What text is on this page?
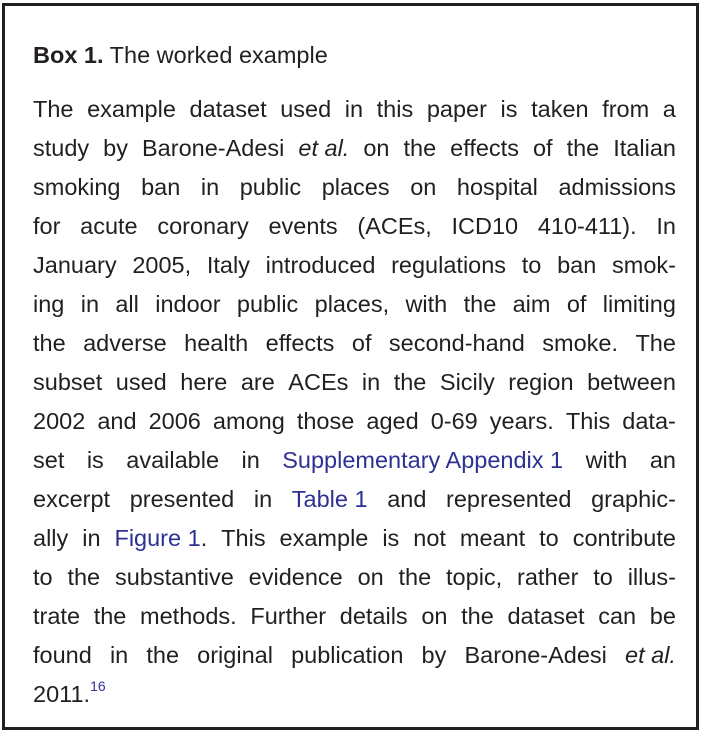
Box 1. The worked example
The example dataset used in this paper is taken from a
study by Barone-Adesi et al. on the effects of the Italian
smoking ban in public places on hospital admissions
for acute coronary events (ACEs, ICD10 410-411). In
January 2005, Italy introduced regulations to ban smok-
ing in all indoor public places, with the aim of limiting
the adverse health effects of second-hand smoke. The
subset used here are ACEs in the Sicily region between
2002 and 2006 among those aged 0-69 years. This data-
set is available in Supplementary Appendix 1 with an
excerpt presented in Table 1 and represented graphic-
ally in Figure 1. This example is not meant to contribute
to the substantive evidence on the topic, rather to illus-
trate the methods. Further details on the dataset can be
found in the original publication by Barone-Adesi et al.
2011.16
